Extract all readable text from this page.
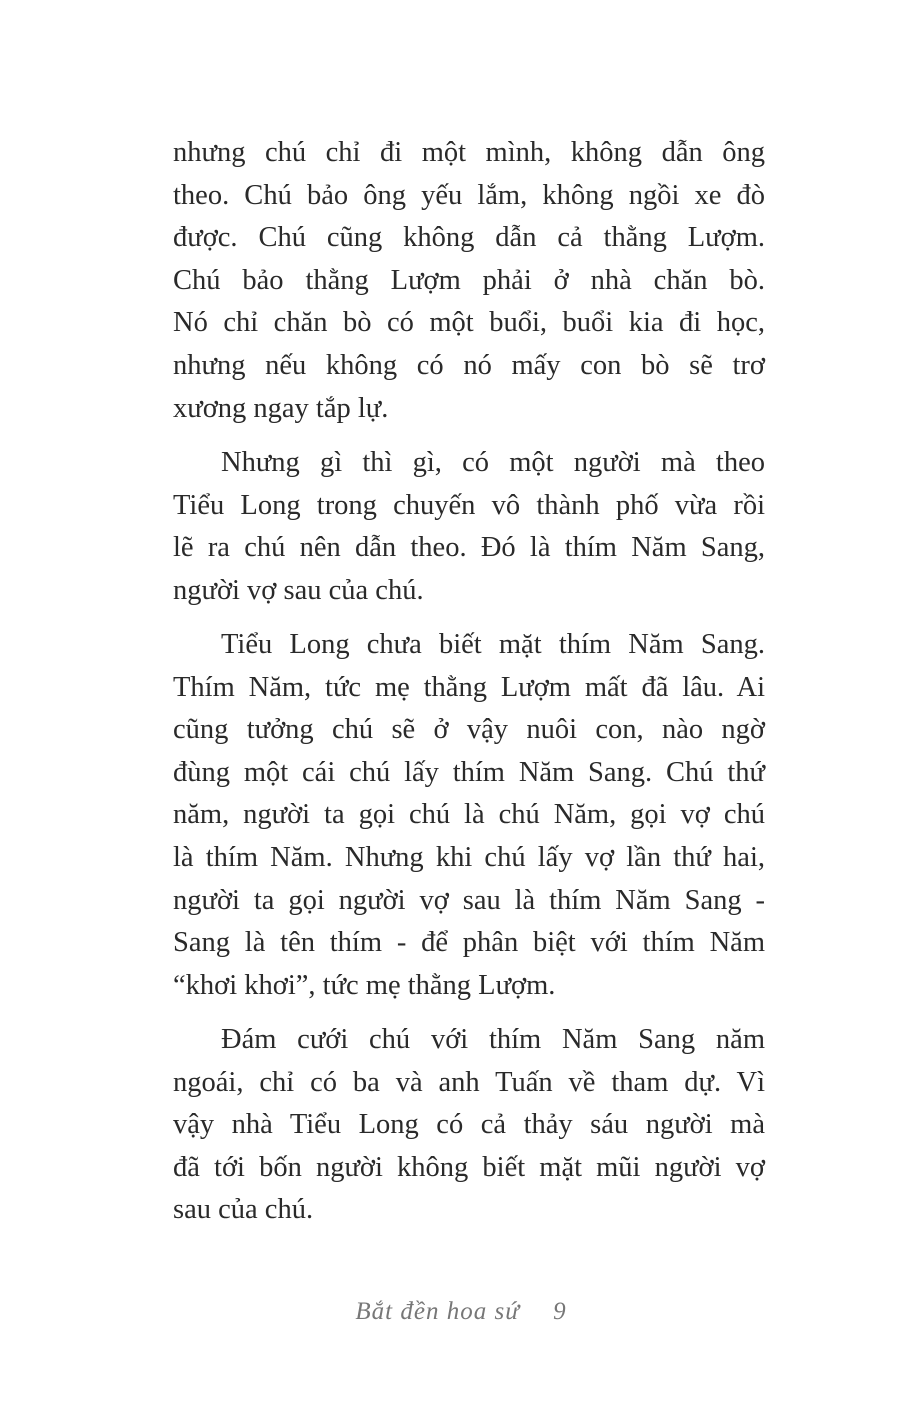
nhưng chú chỉ đi một mình, không dẫn ông
theo. Chú bảo ông yếu lắm, không ngồi xe đò
được. Chú cũng không dẫn cả thằng Lượm.
Chú bảo thằng Lượm phải ở nhà chăn bò.
Nó chỉ chăn bò có một buổi, buổi kia đi học,
nhưng nếu không có nó mấy con bò sẽ trơ
xương ngay tắp lự.
Nhưng gì thì gì, có một người mà theo
Tiểu Long trong chuyến vô thành phố vừa rồi
lẽ ra chú nên dẫn theo. Đó là thím Năm Sang,
người vợ sau của chú.
Tiểu Long chưa biết mặt thím Năm Sang.
Thím Năm, tức mẹ thằng Lượm mất đã lâu. Ai
cũng tưởng chú sẽ ở vậy nuôi con, nào ngờ
đùng một cái chú lấy thím Năm Sang. Chú thứ
năm, người ta gọi chú là chú Năm, gọi vợ chú
là thím Năm. Nhưng khi chú lấy vợ lần thứ hai,
người ta gọi người vợ sau là thím Năm Sang -
Sang là tên thím - để phân biệt với thím Năm
“khơi khơi”, tức mẹ thằng Lượm.
Đám cưới chú với thím Năm Sang năm
ngoái, chỉ có ba và anh Tuấn về tham dự. Vì
vậy nhà Tiểu Long có cả thảy sáu người mà
đã tới bốn người không biết mặt mũi người vợ
sau của chú.
Bắt đền hoa sứ 9
